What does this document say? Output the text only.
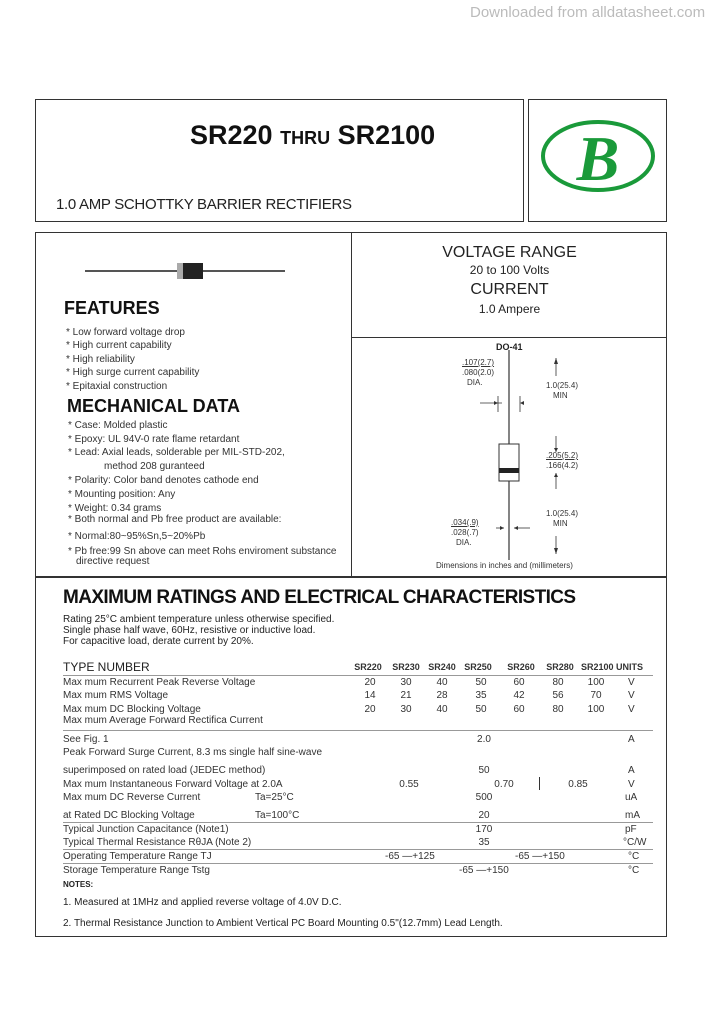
Downloaded from alldatasheet.com
SR220 THRU SR2100
1.0 AMP SCHOTTKY BARRIER RECTIFIERS
B
FEATURES
* Low forward voltage drop
* High current capability
* High reliability
* High surge current capability
* Epitaxial construction
MECHANICAL DATA
* Case: Molded plastic
* Epoxy: UL 94V-0 rate flame retardant
* Lead: Axial leads, solderable per MIL-STD-202,
method 208 guranteed
* Polarity: Color band denotes cathode end
* Mounting position: Any
* Weight: 0.34 grams
* Both normal and Pb free product are available:
* Normal:80~95%Sn,5~20%Pb
* Pb free:99 Sn above can meet Rohs enviroment substance
directive request
VOLTAGE RANGE
20 to 100 Volts
CURRENT
1.0 Ampere
DO-41
.107(2.7)
.080(2.0)
DIA.	1.0(25.4)
MIN
.205(5.2)
.166(4.2)
1.0(25.4)
MIN
.034(.9)
.028(.7)
DIA.
Dimensions in inches and (millimeters)
MAXIMUM RATINGS AND ELECTRICAL CHARACTERISTICS
Rating 25°C ambient temperature unless otherwise specified.
Single phase half wave, 60Hz, resistive or inductive load.
For capacitive load, derate current by 20%.
TYPE NUMBER	SR220 SR230 SR240 SR250 SR260 SR280 SR2100 UNITS
Max mum Recurrent Peak Reverse Voltage	20	30	40	50	60	80	100	V
Max mum RMS Voltage	14	21	28	35	42	56	70	V
Max mum DC Blocking Voltage	20	30	40	50	60	80	100	V
Max mum Average Forward Rectifica Current
See Fig. 1	2.0	A
Peak Forward Surge Current, 8.3 ms single half sine-wave
superimposed on rated load (JEDEC method)	50	A
Max mum Instantaneous Forward Voltage at 2.0A	0.55	0.70	0.85	V
Max mum DC Reverse Current	Ta=25°C	500	uA
at Rated DC Blocking Voltage	Ta=100°C	20	mA
Typical Junction Capacitance (Note1)	170	pF
Typical Thermal Resistance RθJA (Note 2)	35	°C/W
Operating Temperature Range TJ	-65 —+125	-65 —+150	°C
Storage Temperature Range Tstg	-65 —+150	°C
NOTES:
1. Measured at 1MHz and applied reverse voltage of 4.0V D.C.
2. Thermal Resistance Junction to Ambient Vertical PC Board Mounting 0.5"(12.7mm) Lead Length.
